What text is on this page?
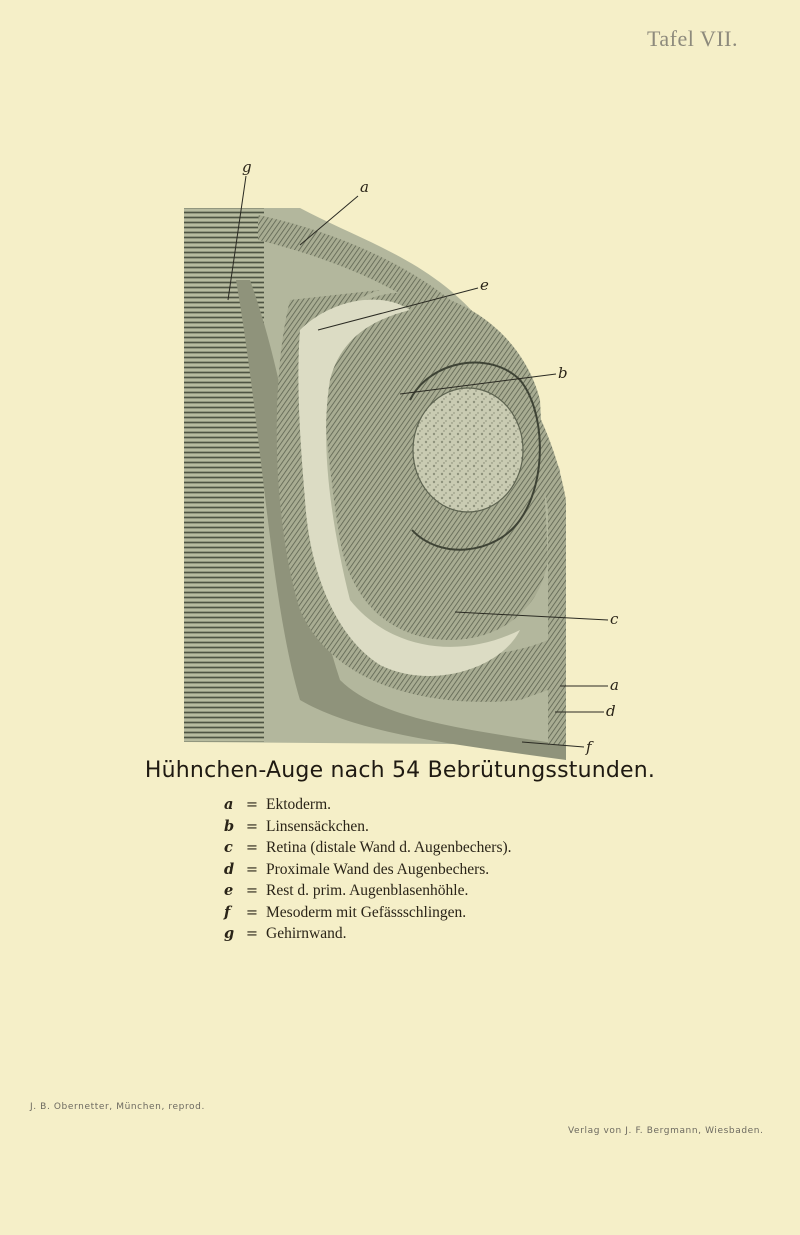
Tafel VII.
g
a
e
b
c
a
d
f
Hühnchen-Auge nach 54 Bebrütungsstunden.
a = Ektoderm.
b = Linsensäckchen.
c = Retina (distale Wand d. Augenbechers).
d = Proximale Wand des Augenbechers.
e = Rest d. prim. Augenblasenhöhle.
f	= Mesoderm mit Gefässschlingen.
g = Gehirnwand.
J. B. Obernetter, München, reprod.
Verlag von J. F. Bergmann, Wiesbaden.
